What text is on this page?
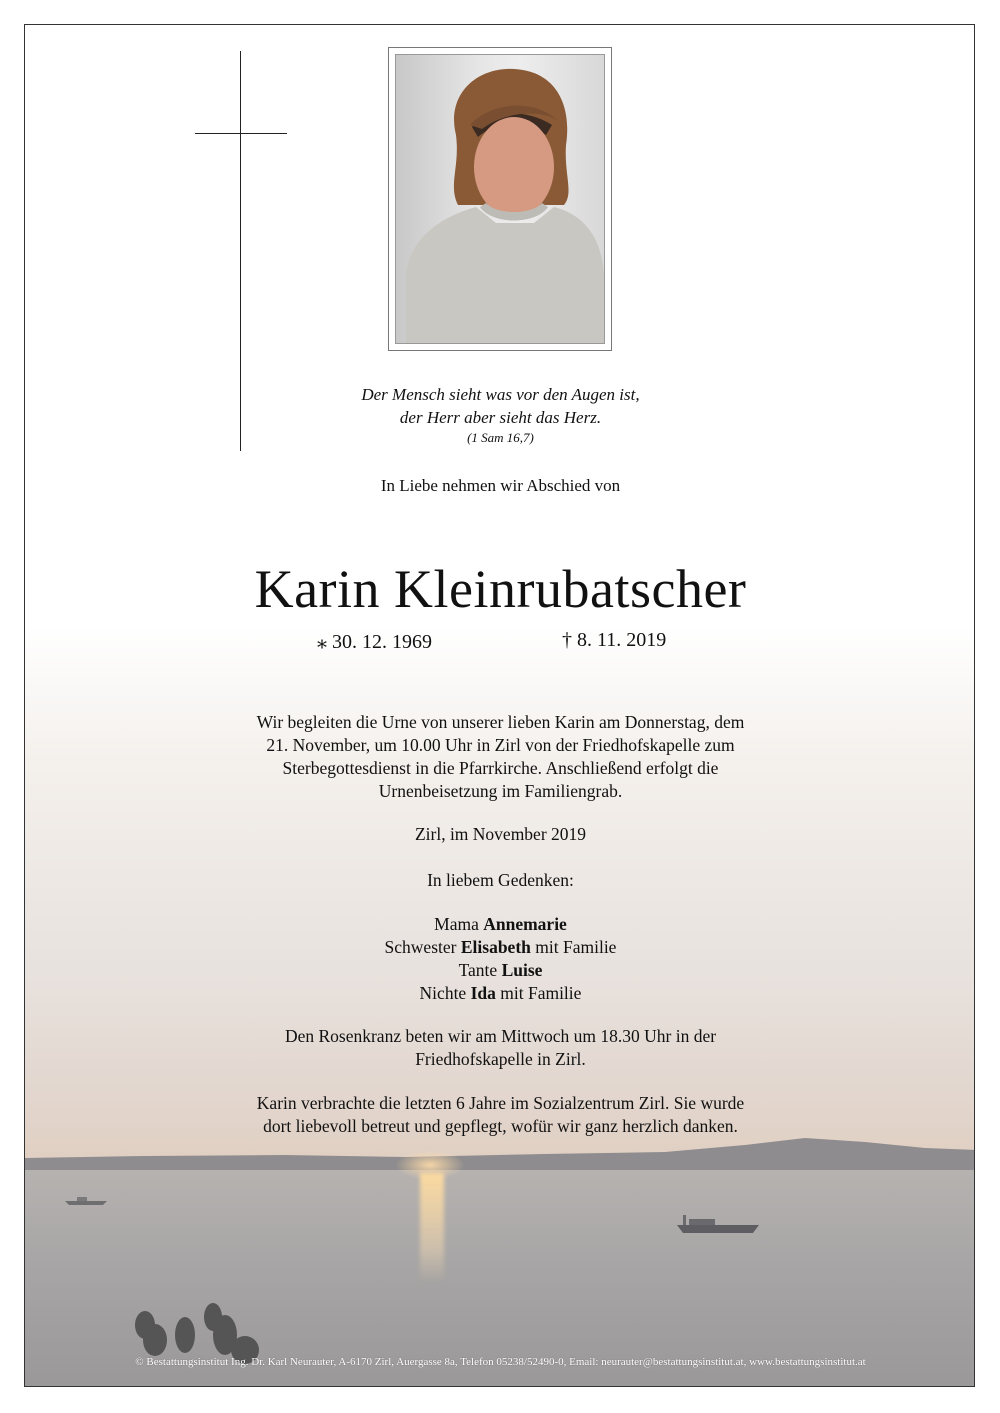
Der Mensch sieht was vor den Augen ist,
der Herr aber sieht das Herz.
(1 Sam 16,7)
In Liebe nehmen wir Abschied von
Karin Kleinrubatscher
⁎ 30. 12. 1969	† 8. 11. 2019
Wir begleiten die Urne von unserer lieben Karin am Donnerstag, dem
21. November, um 10.00 Uhr in Zirl von der Friedhofskapelle zum
Sterbegottesdienst in die Pfarrkirche. Anschließend erfolgt die
Urnenbeisetzung im Familiengrab.
Zirl, im November 2019
In liebem Gedenken:
Mama Annemarie
Schwester Elisabeth mit Familie
Tante Luise
Nichte Ida mit Familie
Den Rosenkranz beten wir am Mittwoch um 18.30 Uhr in der
Friedhofskapelle in Zirl.
Karin verbrachte die letzten 6 Jahre im Sozialzentrum Zirl. Sie wurde
dort liebevoll betreut und gepflegt, wofür wir ganz herzlich danken.
© Bestattungsinstitut Ing. Dr. Karl Neurauter, A-6170 Zirl, Auergasse 8a, Telefon 05238/52490-0, Email: neurauter@bestattungsinstitut.at, www.bestattungsinstitut.at
